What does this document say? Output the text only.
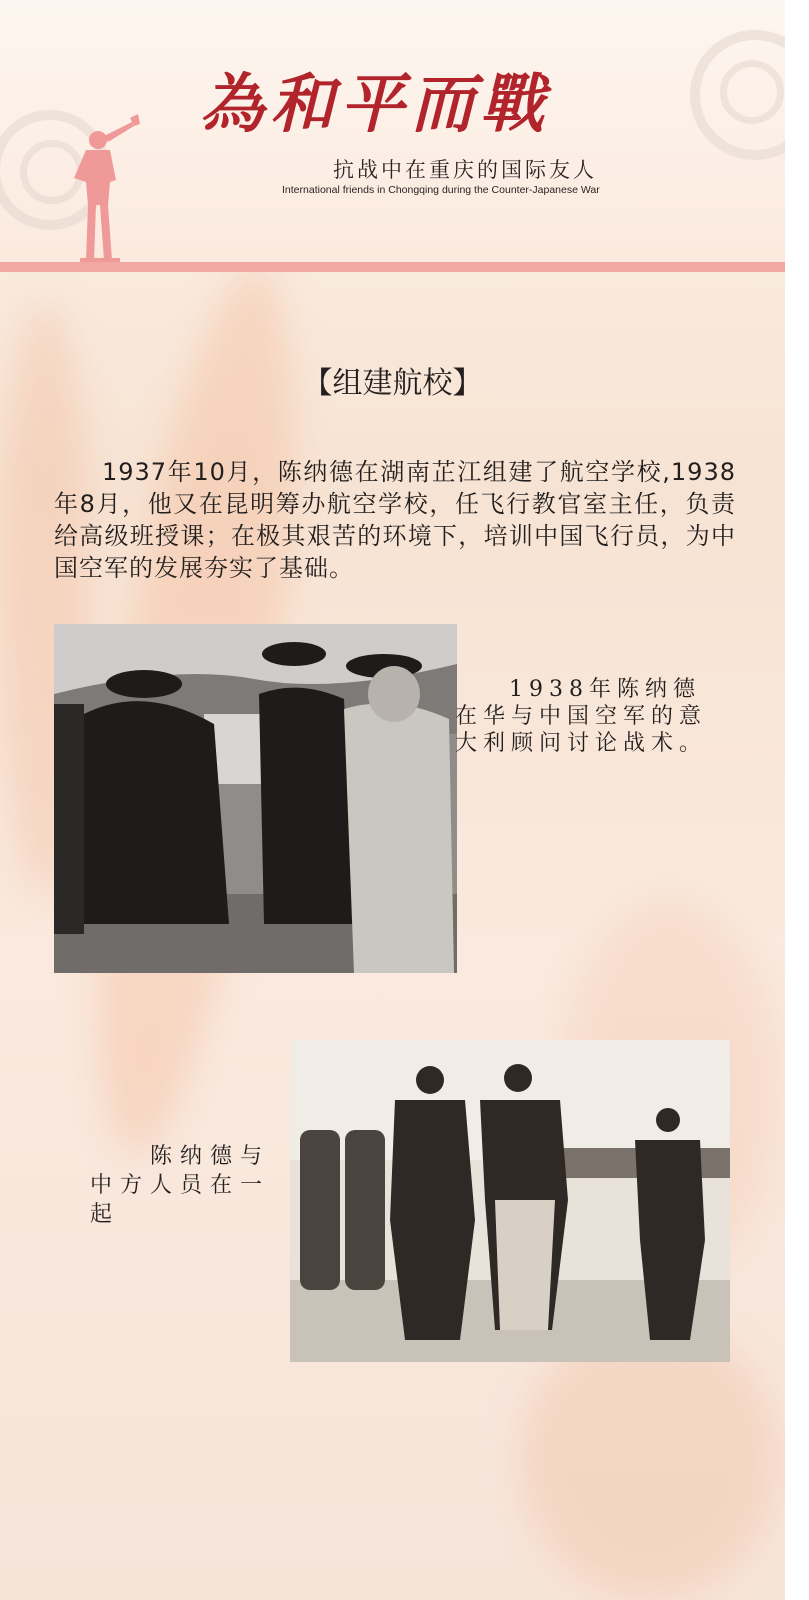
為和平而戰
抗战中在重庆的国际友人
International friends in Chongqing during the Counter-Japanese War
【组建航校】
1937年10月，陈纳德在湖南芷江组建了航空学校,1938年8月，他又在昆明筹办航空学校，任飞行教官室主任，负责给高级班授课；在极其艰苦的环境下，培训中国飞行员，为中国空军的发展夯实了基础。
1938年陈纳德在华与中国空军的意大利顾问讨论战术。
陈纳德与中方人员在一起
